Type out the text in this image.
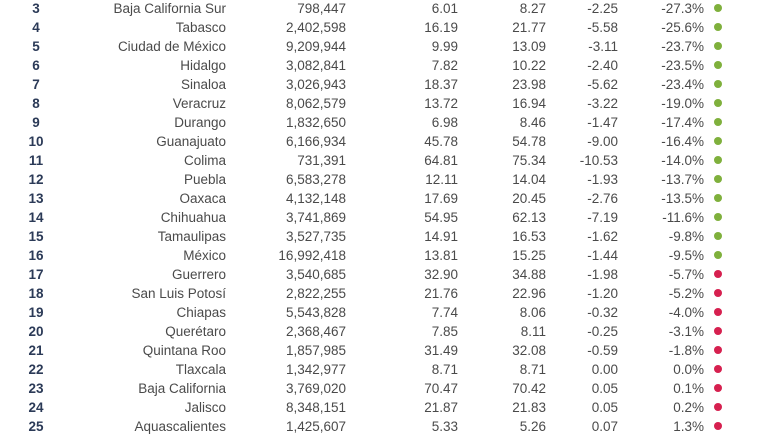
3	Baja California Sur	798,447	6.01	8.27	-2.25	-27.3%
4	Tabasco	2,402,598	16.19	21.77	-5.58	-25.6%
5	Ciudad de México	9,209,944	9.99	13.09	-3.11	-23.7%
6	Hidalgo	3,082,841	7.82	10.22	-2.40	-23.5%
7	Sinaloa	3,026,943	18.37	23.98	-5.62	-23.4%
8	Veracruz	8,062,579	13.72	16.94	-3.22	-19.0%
9	Durango	1,832,650	6.98	8.46	-1.47	-17.4%
10	Guanajuato	6,166,934	45.78	54.78	-9.00	-16.4%
11	Colima	731,391	64.81	75.34	-10.53	-14.0%
12	Puebla	6,583,278	12.11	14.04	-1.93	-13.7%
13	Oaxaca	4,132,148	17.69	20.45	-2.76	-13.5%
14	Chihuahua	3,741,869	54.95	62.13	-7.19	-11.6%
15	Tamaulipas	3,527,735	14.91	16.53	-1.62	-9.8%
16	México	16,992,418	13.81	15.25	-1.44	-9.5%
17	Guerrero	3,540,685	32.90	34.88	-1.98	-5.7%
18	San Luis Potosí	2,822,255	21.76	22.96	-1.20	-5.2%
19	Chiapas	5,543,828	7.74	8.06	-0.32	-4.0%
20	Querétaro	2,368,467	7.85	8.11	-0.25	-3.1%
21	Quintana Roo	1,857,985	31.49	32.08	-0.59	-1.8%
22	Tlaxcala	1,342,977	8.71	8.71	0.00	0.0%
23	Baja California	3,769,020	70.47	70.42	0.05	0.1%
24	Jalisco	8,348,151	21.87	21.83	0.05	0.2%
25	Aquascalientes	1,425,607	5.33	5.26	0.07	1.3%
